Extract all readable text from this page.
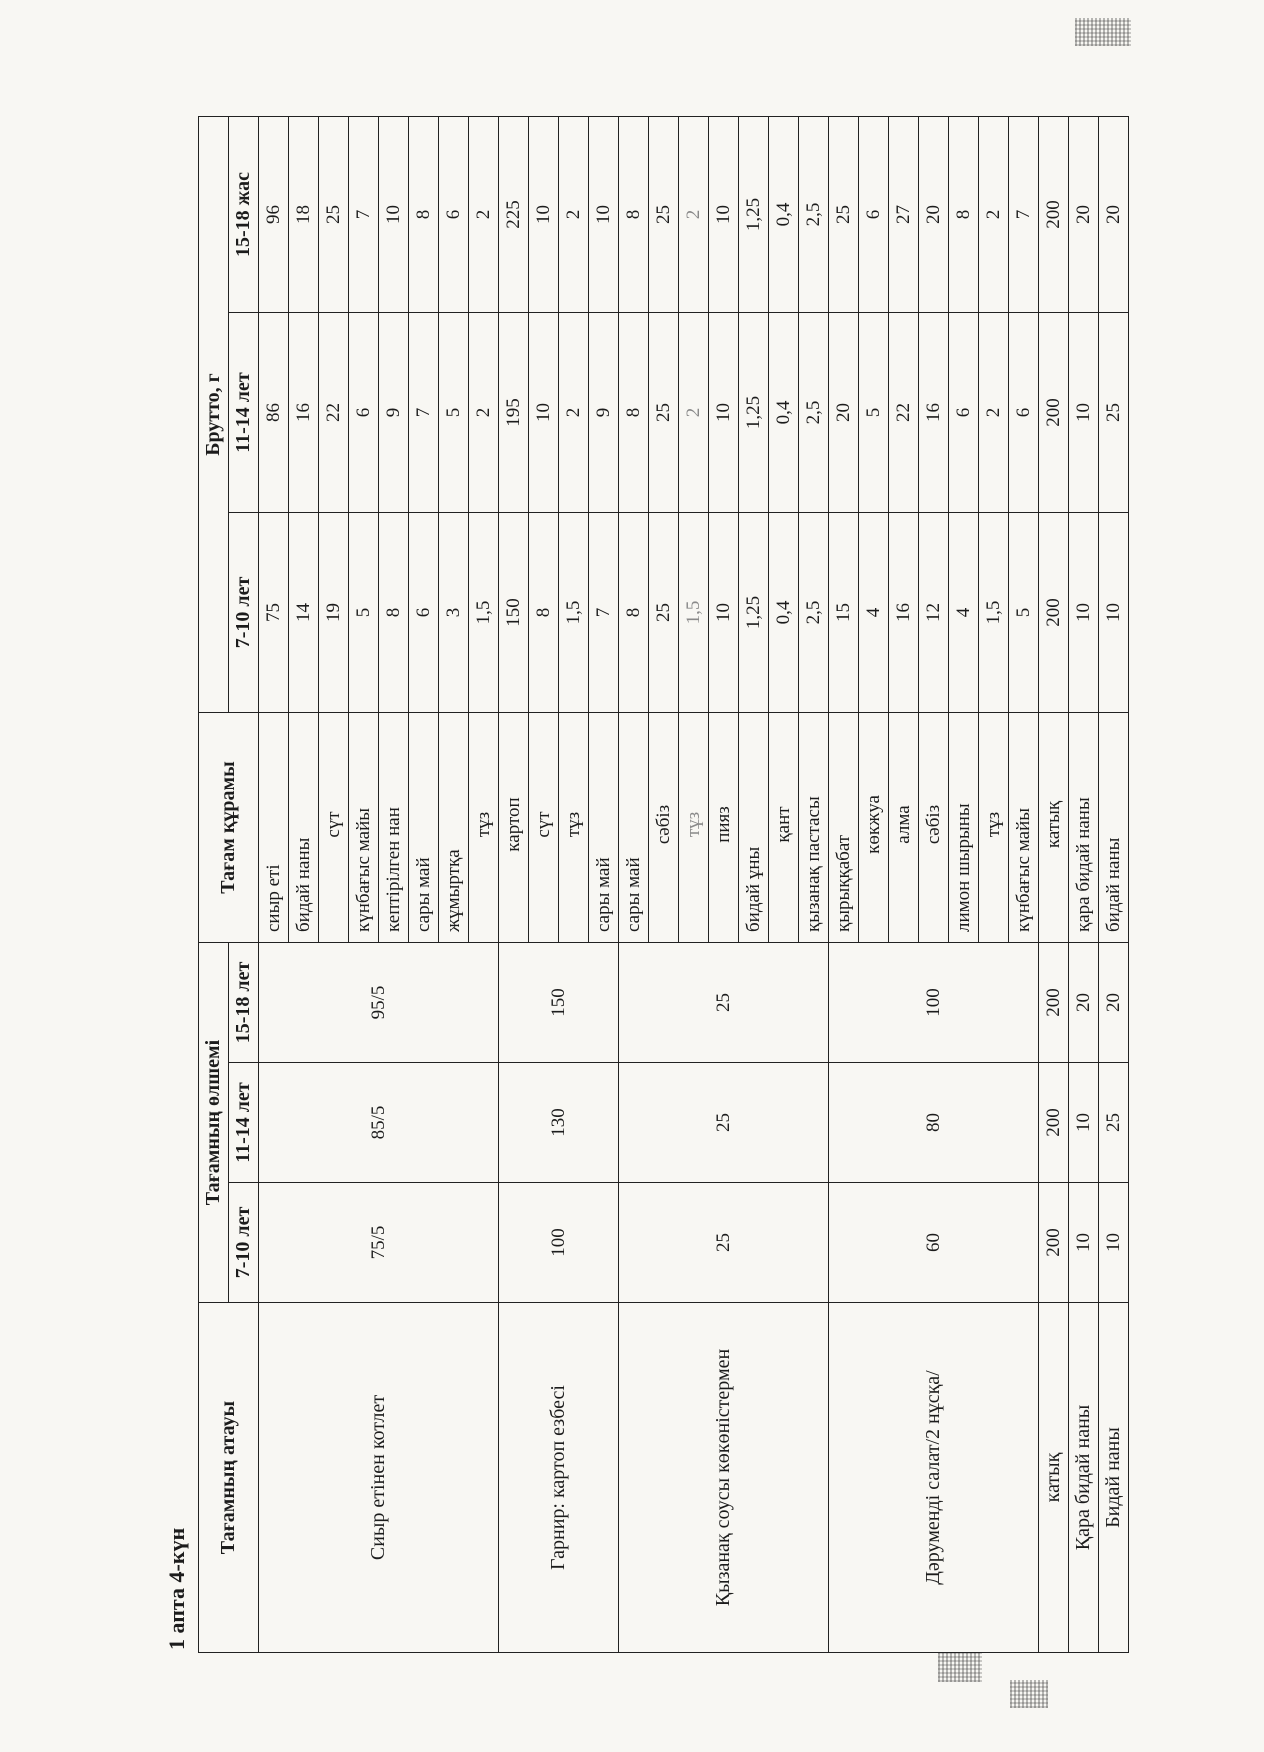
1 апта 4-күн
Тағамның атауы	Тағамның өлшемі			Тағам құрамы	Брутто, г		
	7-10 лет	11-14 лет	15-18 лет		7-10 лет	11-14 лет	15-18 жас
Сиыр етінен котлет	75/5	85/5	95/5	сиыр еті	75	86	96
				бидай наны	14	16	18
				сүт	19	22	25
				күнбағыс майы	5	6	7
				кептірілген нан	8	9	10
				сары май	6	7	8
				жұмыртқа	3	5	6
				тұз	1,5	2	2
Гарнир: картоп езбесі	100	130	150	картоп	150	195	225
				сүт	8	10	10
				тұз	1,5	2	2
				сары май	7	9	10
Қызанақ соусы көкөністермен	25	25	25	сары май	8	8	8
				сәбіз	25	25	25
				тұз	1,5	2	2
				пияз	10	10	10
				бидай ұны	1,25	1,25	1,25
				қант	0,4	0,4	0,4
				қызанақ пастасы	2,5	2,5	2,5
Дәрумендi салат/2 нұсқа/	60	80	100	қырыққабат	15	20	25
				көкжуа	4	5	6
				алма	16	22	27
				сәбіз	12	16	20
				лимон шырыны	4	6	8
				тұз	1,5	2	2
				күнбағыс майы	5	6	7
катық	200	200	200	катық	200	200	200
Қара бидай наны	10	10	20	қара бидай наны	10	10	20
Бидай наны	10	25	20	бидай наны	10	25	20
